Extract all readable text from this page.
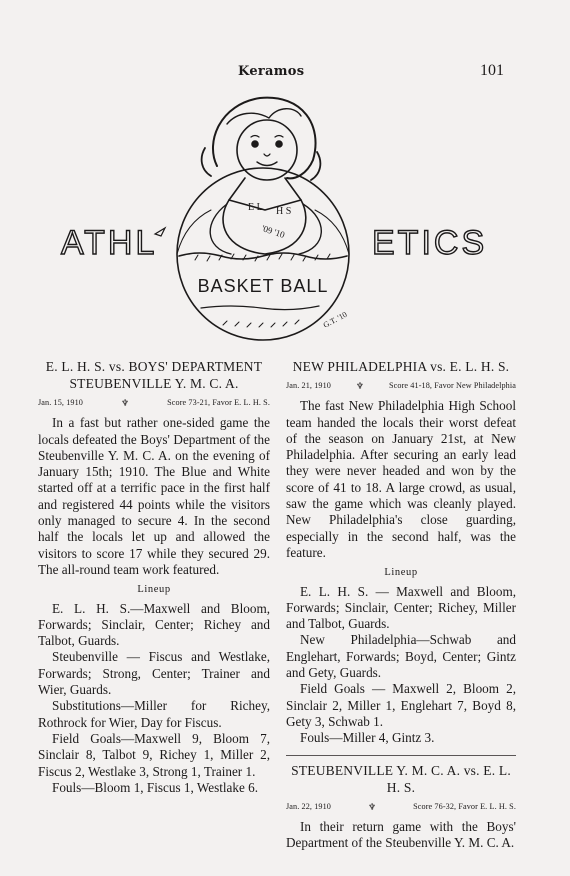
Keramos	101
E L H S
'09 '10
ATHL	ETICS
BASKET BALL
G.T. '10

E. L. H. S. vs. BOYS' DEPARTMENT

STEUBENVILLE Y. M. C. A.

Jan. 15, 1910	♆	Score 73-21, Favor E. L. H. S.

In a fast but rather one-sided game the locals defeated the Boys' Department of the Steubenville Y. M. C. A. on the evening of January 15th; 1910. The Blue and White started off at a terrific pace in the first half and registered 44 points while the visitors only managed to secure 4. In the second half the locals let up and allowed the visitors to score 17 while they secured 29. The all-round team work featured.

Lineup

E. L. H. S.—Maxwell and Bloom, Forwards; Sinclair, Center; Richey and Talbot, Guards.

Steubenville — Fiscus and Westlake, Forwards; Strong, Center; Trainer and Wier, Guards.

Substitutions—Miller for Richey, Rothrock for Wier, Day for Fiscus.

Field Goals—Maxwell 9, Bloom 7, Sinclair 8, Talbot 9, Richey 1, Miller 2, Fiscus 2, Westlake 3, Strong 1, Trainer 1.

Fouls—Bloom 1, Fiscus 1, Westlake 6.

NEW PHILADELPHIA vs. E. L. H. S.

Jan. 21, 1910	♆	Score 41-18, Favor New Philadelphia

The fast New Philadelphia High School team handed the locals their worst defeat of the season on January 21st, at New Philadelphia. After securing an early lead they were never headed and won by the score of 41 to 18. A large crowd, as usual, saw the game which was cleanly played. New Philadelphia's close guarding, especially in the second half, was the feature.

Lineup

E. L. H. S. — Maxwell and Bloom, Forwards; Sinclair, Center; Richey, Miller and Talbot, Guards.

New Philadelphia—Schwab and Englehart, Forwards; Boyd, Center; Gintz and Gety, Guards.

Field Goals — Maxwell 2, Bloom 2, Sinclair 2, Miller 1, Englehart 7, Boyd 8, Gety 3, Schwab 1.

Fouls—Miller 4, Gintz 3.

STEUBENVILLE Y. M. C. A. vs. E. L. H. S.

Jan. 22, 1910	♆	Score 76-32, Favor E. L. H. S.

In their return game with the Boys' Department of the Steubenville Y. M. C. A.
